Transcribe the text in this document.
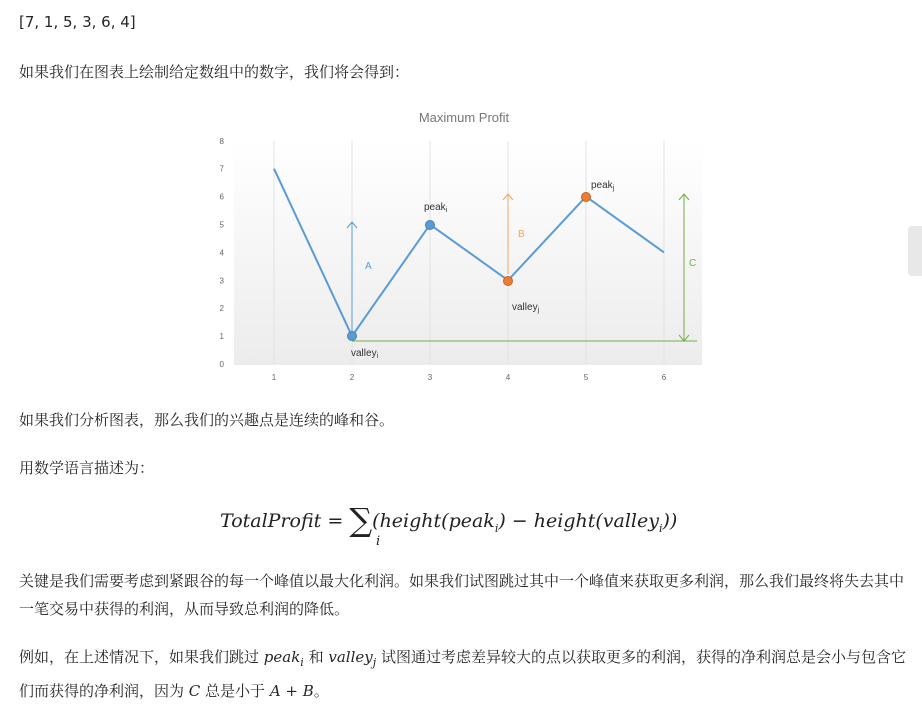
[7, 1, 5, 3, 6, 4]

如果我们在图表上绘制给定数组中的数字，我们将会得到：

Maximum Profit
0
1
2
3
4
5
6
7
8
1	2	3	4	5	6
A
B
C
peak$_i$
peak$_j$
valley$_i$
valley$_j$

如果我们分析图表，那么我们的兴趣点是连续的峰和谷。

用数学语言描述为：

TotalProfit = ∑(height(peak$_i$) − height(valley$_i$))
i

关键是我们需要考虑到紧跟谷的每一个峰值以最大化利润。如果我们试图跳过其中一个峰值来获取更多利润，那么我们最终将失去其中一笔交易中获得的利润，从而导致总利润的降低。

例如，在上述情况下，如果我们跳过 peak$_i$ 和 valley$_j$ 试图通过考虑差异较大的点以获取更多的利润，获得的净利润总是会小与包含它们而获得的净利润，因为 C 总是小于 A + B。
